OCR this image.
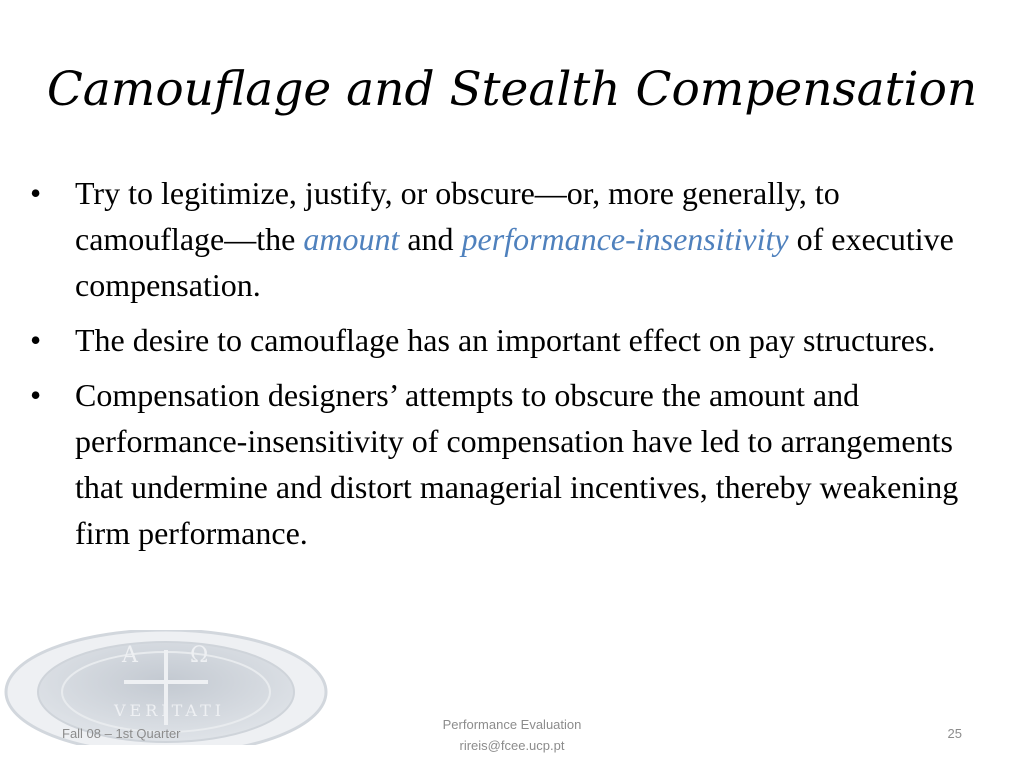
A Ω
VERITATI
Camouflage and Stealth Compensation
•	Try to legitimize, justify, or obscure—or, more generally, to camouflage—the amount and performance-insensitivity of executive compensation.
•	The desire to camouflage has an important effect on pay structures.
•	Compensation designers’ attempts to obscure the amount and performance-insensitivity of compensation have led to arrangements that undermine and distort managerial incentives, thereby weakening firm performance.
Fall 08 – 1st Quarter
Performance Evaluation
rireis@fcee.ucp.pt
25
